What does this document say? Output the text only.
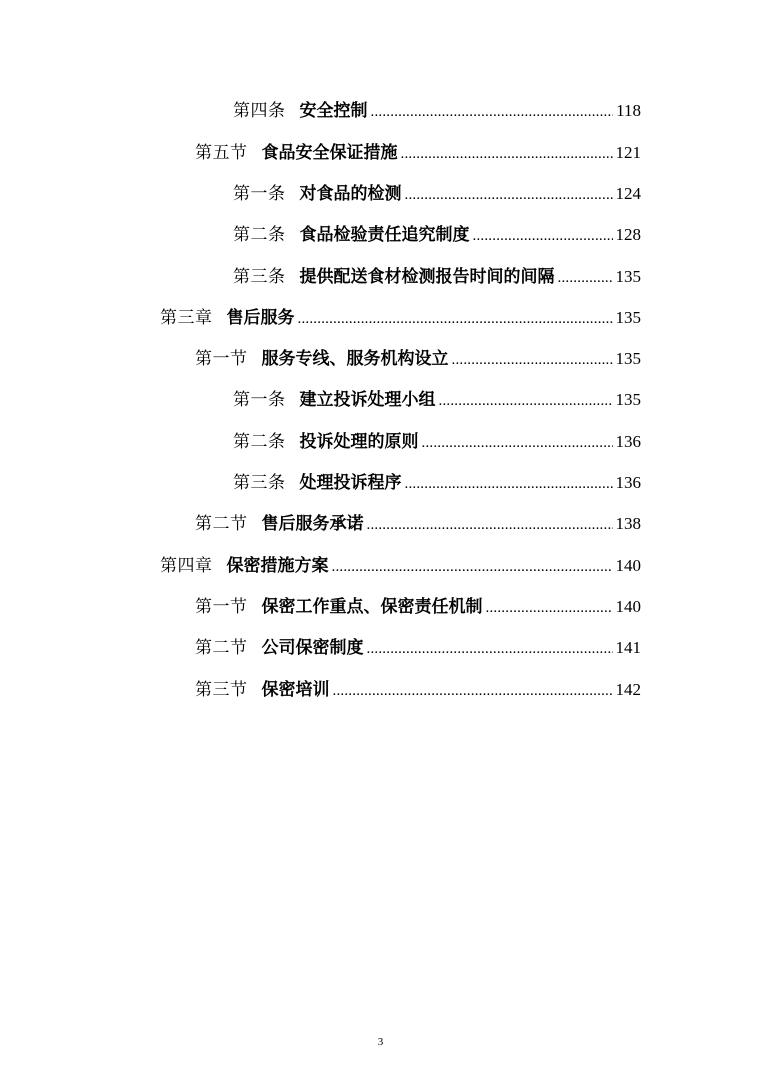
第四条 安全控制 .....	118
第五节 食品安全保证措施 .....	121
第一条 对食品的检测 .....	124
第二条 食品检验责任追究制度 .....	128
第三条 提供配送食材检测报告时间的间隔 .....	135
第三章 售后服务 .....	135
第一节 服务专线、服务机构设立 .....	135
第一条 建立投诉处理小组 .....	135
第二条 投诉处理的原则 .....	136
第三条 处理投诉程序 .....	136
第二节 售后服务承诺 .....	138
第四章 保密措施方案 .....	140
第一节 保密工作重点、保密责任机制 .....	140
第二节 公司保密制度 .....	141
第三节 保密培训 .....	142
3
